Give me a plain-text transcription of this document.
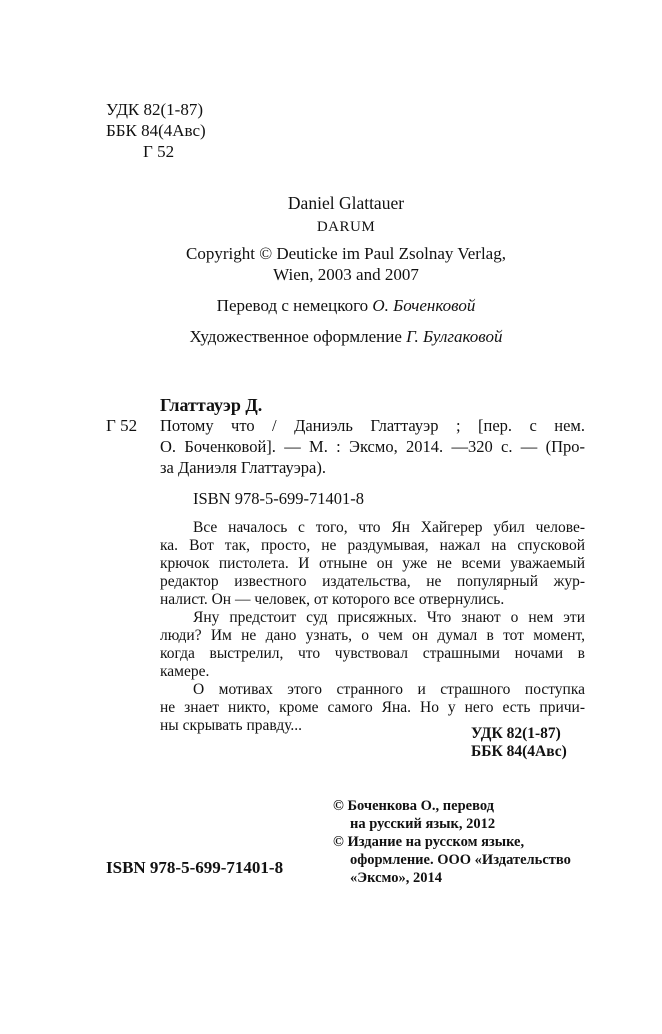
УДК 82(1-87)
ББК 84(4Авс)
Г 52
Daniel Glattauer
DARUM
Copyright © Deuticke im Paul Zsolnay Verlag,
Wien, 2003 and 2007
Перевод с немецкого О. Боченковой
Художественное оформление Г. Булгаковой
Глаттауэр Д.
Г 52 Потому что / Даниэль Глаттауэр ; [пер. с нем.
О. Боченковой]. — М. : Эксмо, 2014. —320 с. — (Про-
за Даниэля Глаттауэра).
ISBN 978-5-699-71401-8
Все началось с того, что Ян Хайгерер убил челове-
ка. Вот так, просто, не раздумывая, нажал на спусковой
крючок пистолета. И отныне он уже не всеми уважаемый
редактор известного издательства, не популярный жур-
налист. Он — человек, от которого все отвернулись.
Яну предстоит суд присяжных. Что знают о нем эти
люди? Им не дано узнать, о чем он думал в тот момент,
когда выстрелил, что чувствовал страшными ночами в
камере.
О мотивах этого странного и страшного поступка
не знает никто, кроме самого Яна. Но у него есть причи-
ны скрывать правду...	УДК 82(1-87)
ББК 84(4Авс)
© Боченкова О., перевод
на русский язык, 2012
© Издание на русском языке,
оформление. ООО «Издательство
«Эксмо», 2014
ISBN 978-5-699-71401-8
